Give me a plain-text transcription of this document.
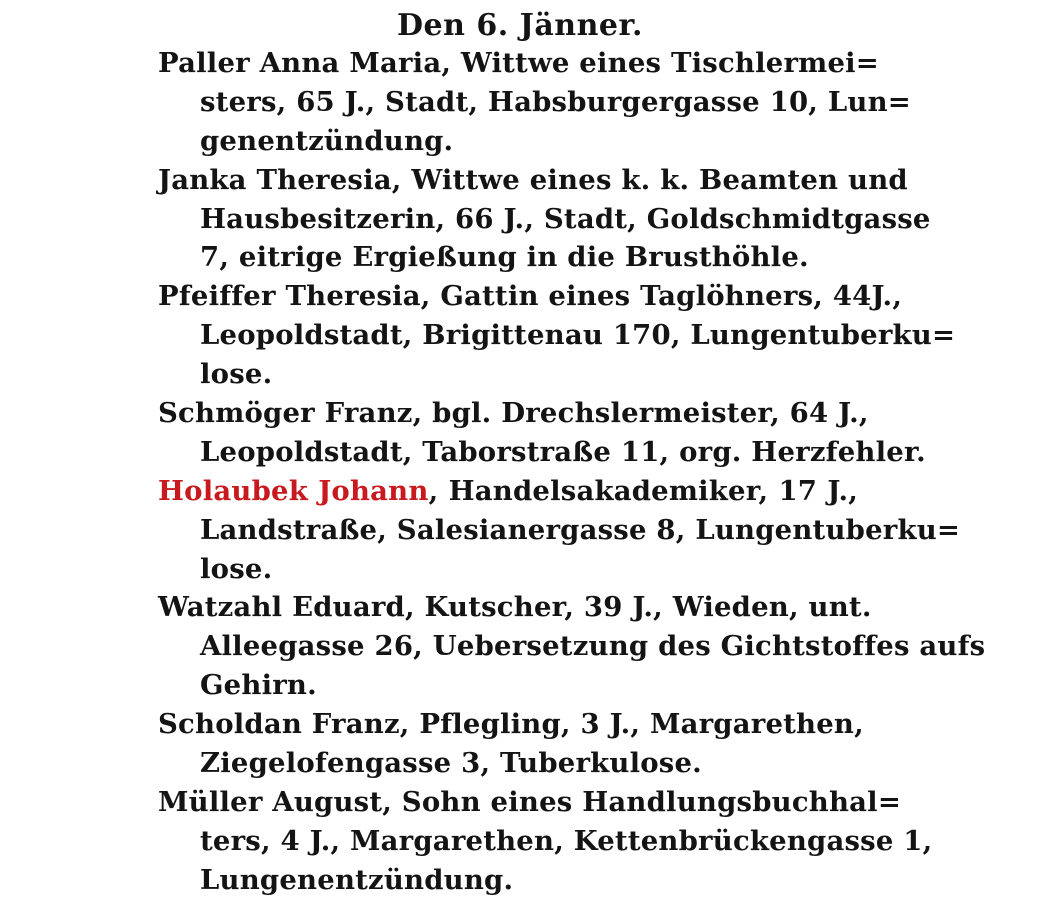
Den 6. Jänner.
Paller Anna Maria, Wittwe eines Tischlermei=
sters, 65 J., Stadt, Habsburgergasse 10, Lun=
genentzündung.
Janka Theresia, Wittwe eines k. k. Beamten und
Hausbesitzerin, 66 J., Stadt, Goldschmidtgasse
7, eitrige Ergießung in die Brusthöhle.
Pfeiffer Theresia, Gattin eines Taglöhners, 44J.,
Leopoldstadt, Brigittenau 170, Lungentuberku=
lose.
Schmöger Franz, bgl. Drechslermeister, 64 J.,
Leopoldstadt, Taborstraße 11, org. Herzfehler.
Holaubek Johann, Handelsakademiker, 17 J.,
Landstraße, Salesianergasse 8, Lungentuberku=
lose.
Watzahl Eduard, Kutscher, 39 J., Wieden, unt.
Alleegasse 26, Uebersetzung des Gichtstoffes aufs
Gehirn.
Scholdan Franz, Pflegling, 3 J., Margarethen,
Ziegelofengasse 3, Tuberkulose.
Müller August, Sohn eines Handlungsbuchhal=
ters, 4 J., Margarethen, Kettenbrückengasse 1,
Lungenentzündung.
